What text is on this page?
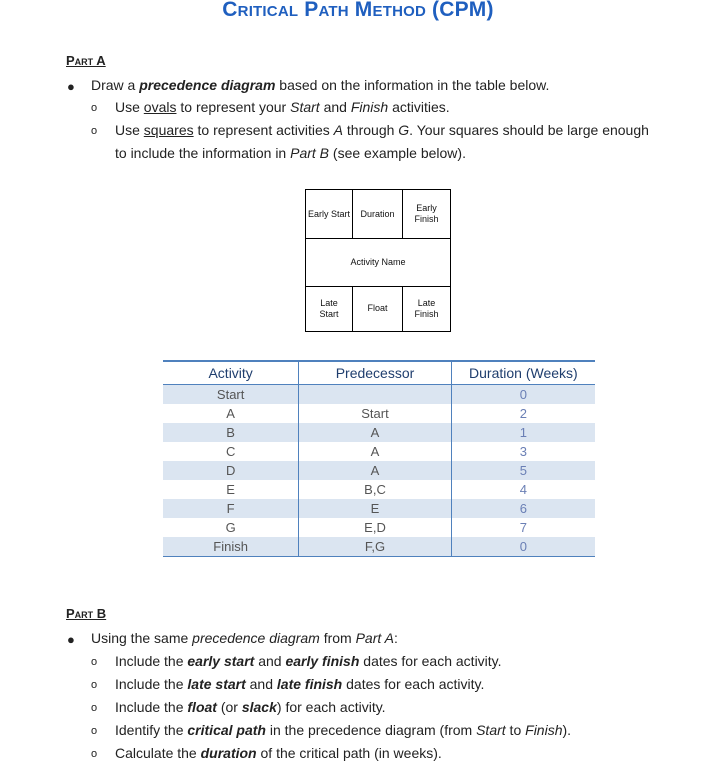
Critical Path Method (CPM)
Part A
● Draw a precedence diagram based on the information in the table below.
o Use ovals to represent your Start and Finish activities.
o Use squares to represent activities A through G. Your squares should be large enough
to include the information in Part B (see example below).
Early Start	Duration
Early Finish
Activity Name
Late Start
Float
Late Finish
Activity	Predecessor	Duration (Weeks)
Start		0
A	Start	2
B	A	1
C	A	3
D	A	5
E	B,C	4
F	E	6
G	E,D	7
Finish	F,G	0
Part B
● Using the same precedence diagram from Part A:
o Include the early start and early finish dates for each activity.
o Include the late start and late finish dates for each activity.
o Include the float (or slack) for each activity.
o Identify the critical path in the precedence diagram (from Start to Finish).
o Calculate the duration of the critical path (in weeks).
